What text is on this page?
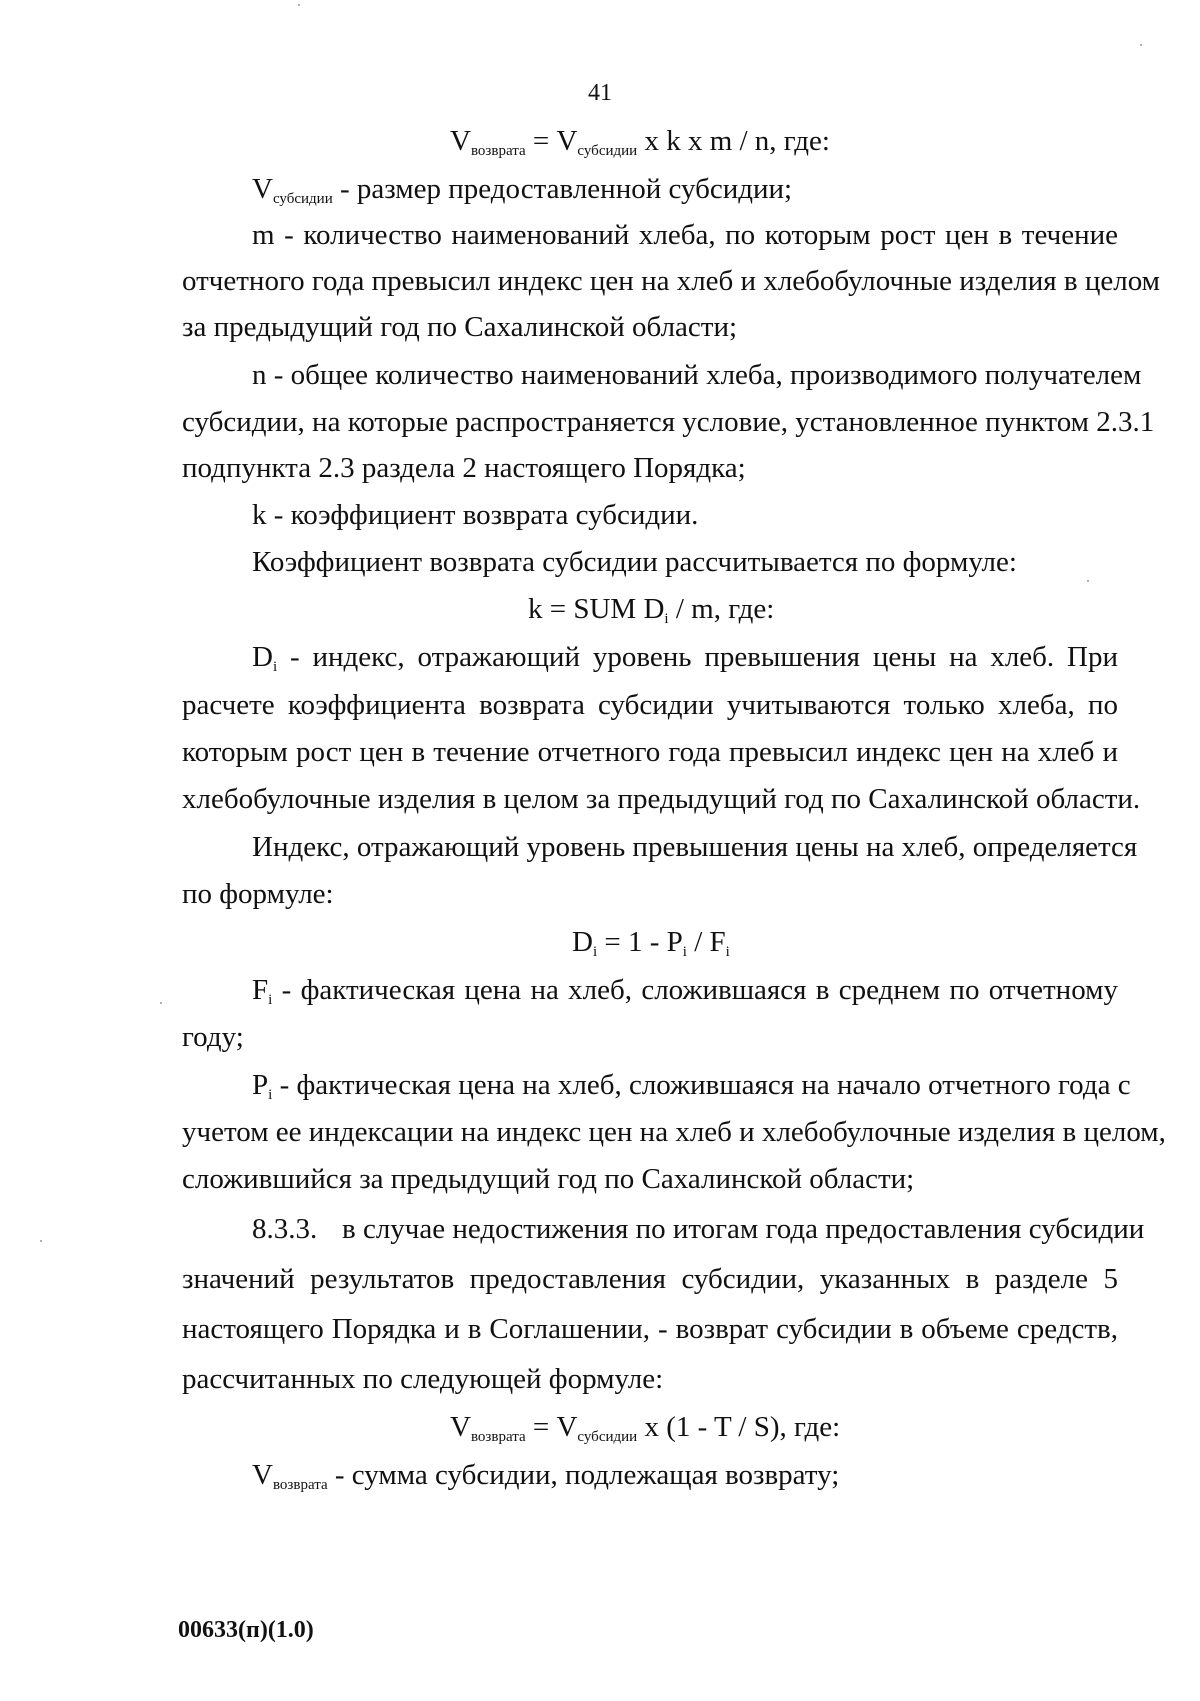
41
$V_{возврата} = V_{субсидии}$ x k x m / n, где:
$V_{субсидии}$ - размер предоставленной субсидии;
m - количество наименований хлеба, по которым рост цен в течение
отчетного года превысил индекс цен на хлеб и хлебобулочные изделия в целом
за предыдущий год по Сахалинской области;
n - общее количество наименований хлеба, производимого получателем
субсидии, на которые распространяется условие, установленное пунктом 2.3.1
подпункта 2.3 раздела 2 настоящего Порядка;
k - коэффициент возврата субсидии.
Коэффициент возврата субсидии рассчитывается по формуле:
k = SUM $D_i$ / m, где:
$D_i$ - индекс, отражающий уровень превышения цены на хлеб. При
расчете коэффициента возврата субсидии учитываются только хлеба, по
которым рост цен в течение отчетного года превысил индекс цен на хлеб и
хлебобулочные изделия в целом за предыдущий год по Сахалинской области.
Индекс, отражающий уровень превышения цены на хлеб, определяется
по формуле:
$D_i = 1 - P_i / F_i$
$F_i$ - фактическая цена на хлеб, сложившаяся в среднем по отчетному
году;
$P_i$ - фактическая цена на хлеб, сложившаяся на начало отчетного года с
учетом ее индексации на индекс цен на хлеб и хлебобулочные изделия в целом,
сложившийся за предыдущий год по Сахалинской области;
8.3.3. в случае недостижения по итогам года предоставления субсидии
значений результатов предоставления субсидии, указанных в разделе 5
настоящего Порядка и в Соглашении, - возврат субсидии в объеме средств,
рассчитанных по следующей формуле:
$V_{возврата} = V_{субсидии}$ x (1 - T / S), где:
$V_{возврата}$ - сумма субсидии, подлежащая возврату;
00633(п)(1.0)
